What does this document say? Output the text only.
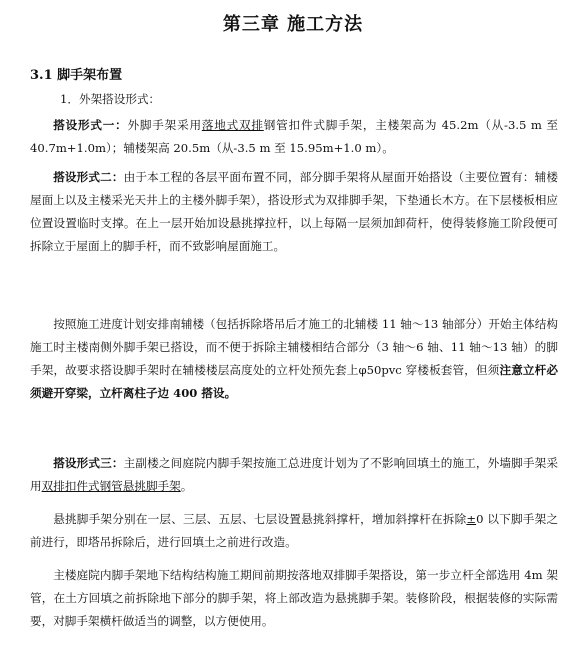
第三章 施工方法
3.1 脚手架布置
1．外架搭设形式：
搭设形式一：外脚手架采用落地式双排钢管扣件式脚手架，主楼架高为 45.2m（从-3.5 m 至 40.7m+1.0m）；辅楼架高 20.5m（从-3.5 m 至 15.95m+1.0 m）。
搭设形式二：由于本工程的各层平面布置不同，部分脚手架将从屋面开始搭设（主要位置有：辅楼屋面上以及主楼采光天井上的主楼外脚手架），搭设形式为双排脚手架，下垫通长木方。在下层楼板相应位置设置临时支撑。在上一层开始加设悬挑撑拉杆，以上每隔一层须加卸荷杆，使得装修施工阶段便可拆除立于屋面上的脚手杆，而不致影响屋面施工。
按照施工进度计划安排南辅楼（包括拆除塔吊后才施工的北辅楼 11 轴～13 轴部分）开始主体结构施工时主楼南侧外脚手架已搭设，而不便于拆除主辅楼相结合部分（3 轴～6 轴、11 轴～13 轴）的脚手架，故要求搭设脚手架时在辅楼楼层高度处的立杆处预先套上φ50pvc 穿楼板套管，但须注意立杆必须避开穿梁，立杆离柱子边 400 搭设。
搭设形式三：主副楼之间庭院内脚手架按施工总进度计划为了不影响回填土的施工，外墙脚手架采用双排扣件式钢管悬挑脚手架。
悬挑脚手架分别在一层、三层、五层、七层设置悬挑斜撑杆，增加斜撑杆在拆除±0 以下脚手架之前进行，即塔吊拆除后，进行回填土之前进行改造。
主楼庭院内脚手架地下结构结构施工期间前期按落地双排脚手架搭设，第一步立杆全部选用 4m 架管，在土方回填之前拆除地下部分的脚手架，将上部改造为悬挑脚手架。装修阶段，根据装修的实际需要，对脚手架横杆做适当的调整，以方便使用。
